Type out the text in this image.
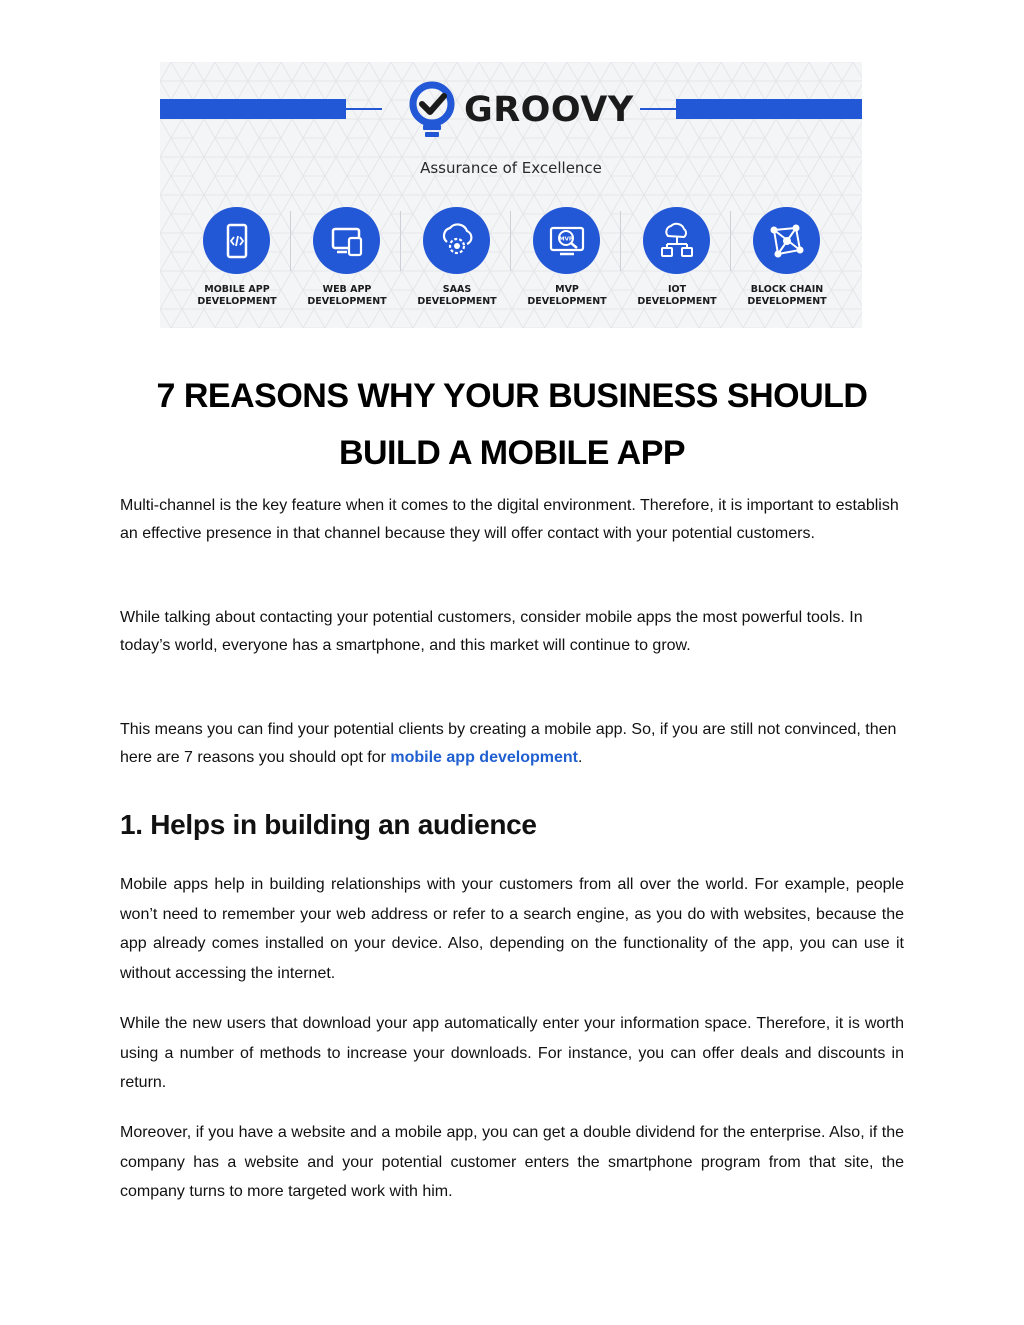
GROOVY
Assurance of Excellence
MOBILE APP
DEVELOPMENT
WEB APP
DEVELOPMENT
SAAS
DEVELOPMENT
MVP
MVP
DEVELOPMENT
IOT
DEVELOPMENT
BLOCK CHAIN
DEVELOPMENT
7 REASONS WHY YOUR BUSINESS SHOULD
BUILD A MOBILE APP

Multi-channel is the key feature when it comes to the digital environment. Therefore, it is important to establish an effective presence in that channel because they will offer contact with your potential customers.

While talking about contacting your potential customers, consider mobile apps the most powerful tools. In today’s world, everyone has a smartphone, and this market will continue to grow.

This means you can find your potential clients by creating a mobile app. So, if you are still not convinced, then here are 7 reasons you should opt for mobile app development.

1. Helps in building an audience

Mobile apps help in building relationships with your customers from all over the world. For example, people won’t need to remember your web address or refer to a search engine, as you do with websites, because the app already comes installed on your device. Also, depending on the functionality of the app, you can use it without accessing the internet.

While the new users that download your app automatically enter your information space. Therefore, it is worth using a number of methods to increase your downloads. For instance, you can offer deals and discounts in return.

Moreover, if you have a website and a mobile app, you can get a double dividend for the enterprise. Also, if the company has a website and your potential customer enters the smartphone program from that site, the company turns to more targeted work with him.
